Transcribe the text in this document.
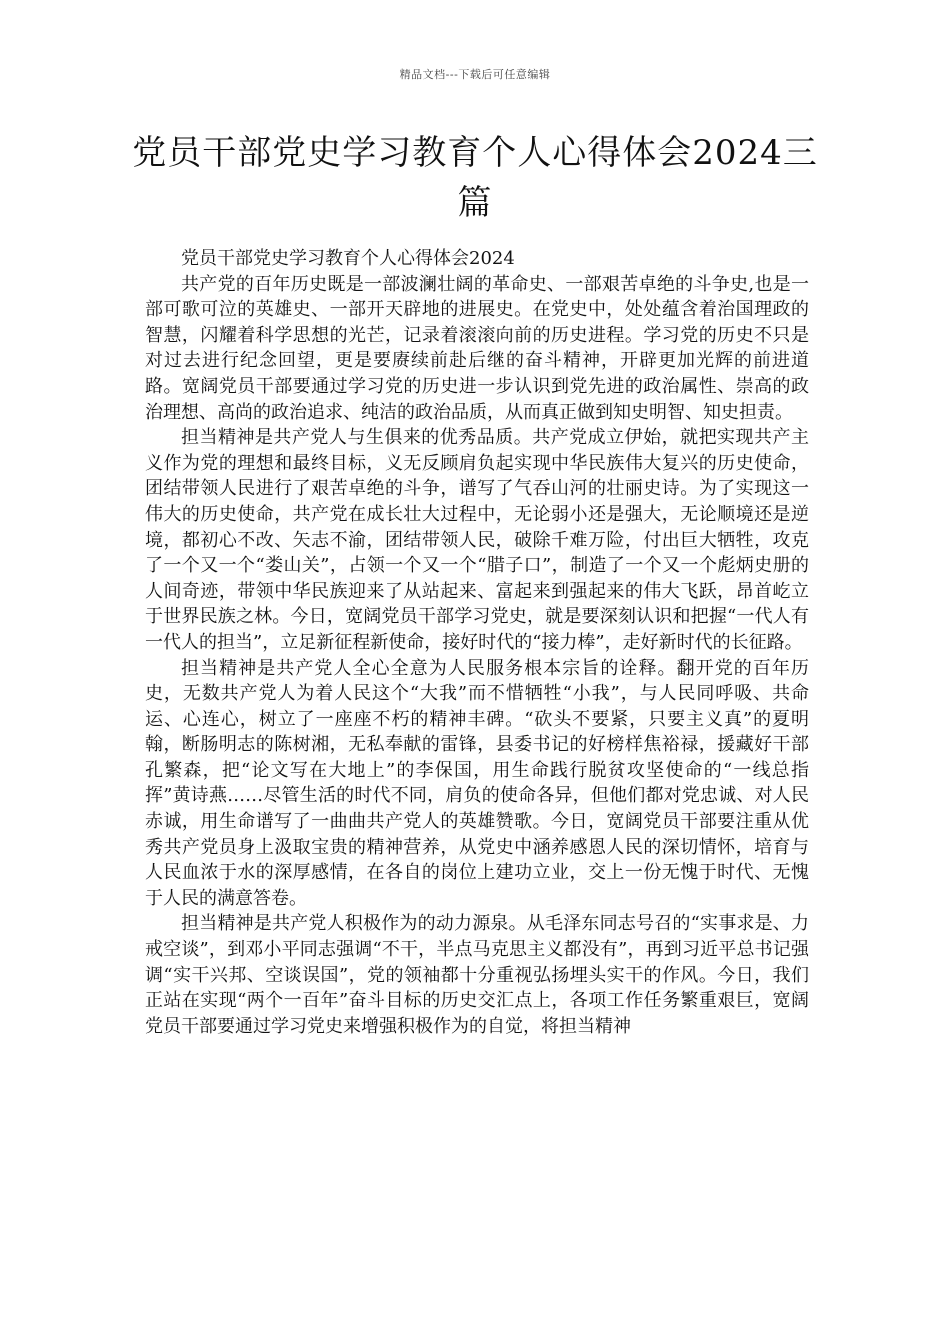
精品文档---下载后可任意编辑
党员干部党史学习教育个人心得体会2024三篇

党员干部党史学习教育个人心得体会2024

共产党的百年历史既是一部波澜壮阔的革命史、一部艰苦卓绝的斗争史,也是一部可歌可泣的英雄史、一部开天辟地的进展史。在党史中，处处蕴含着治国理政的智慧，闪耀着科学思想的光芒，记录着滚滚向前的历史进程。学习党的历史不只是对过去进行纪念回望，更是要赓续前赴后继的奋斗精神，开辟更加光辉的前进道路。宽阔党员干部要通过学习党的历史进一步认识到党先进的政治属性、崇高的政治理想、高尚的政治追求、纯洁的政治品质，从而真正做到知史明智、知史担责。

担当精神是共产党人与生俱来的优秀品质。共产党成立伊始，就把实现共产主义作为党的理想和最终目标，义无反顾肩负起实现中华民族伟大复兴的历史使命，团结带领人民进行了艰苦卓绝的斗争，谱写了气吞山河的壮丽史诗。为了实现这一伟大的历史使命，共产党在成长壮大过程中，无论弱小还是强大，无论顺境还是逆境，都初心不改、矢志不渝，团结带领人民，破除千难万险，付出巨大牺牲，攻克了一个又一个“娄山关”，占领一个又一个“腊子口”，制造了一个又一个彪炳史册的人间奇迹，带领中华民族迎来了从站起来、富起来到强起来的伟大飞跃，昂首屹立于世界民族之林。今日，宽阔党员干部学习党史，就是要深刻认识和把握“一代人有一代人的担当”，立足新征程新使命，接好时代的“接力棒”，走好新时代的长征路。

担当精神是共产党人全心全意为人民服务根本宗旨的诠释。翻开党的百年历史，无数共产党人为着人民这个“大我”而不惜牺牲“小我”，与人民同呼吸、共命运、心连心，树立了一座座不朽的精神丰碑。“砍头不要紧，只要主义真”的夏明翰，断肠明志的陈树湘，无私奉献的雷锋，县委书记的好榜样焦裕禄，援藏好干部孔繁森，把“论文写在大地上”的李保国，用生命践行脱贫攻坚使命的“一线总指挥”黄诗燕……尽管生活的时代不同，肩负的使命各异，但他们都对党忠诚、对人民赤诚，用生命谱写了一曲曲共产党人的英雄赞歌。今日，宽阔党员干部要注重从优秀共产党员身上汲取宝贵的精神营养，从党史中涵养感恩人民的深切情怀，培育与人民血浓于水的深厚感情，在各自的岗位上建功立业，交上一份无愧于时代、无愧于人民的满意答卷。

担当精神是共产党人积极作为的动力源泉。从毛泽东同志号召的“实事求是、力戒空谈”，到邓小平同志强调“不干，半点马克思主义都没有”，再到习近平总书记强调“实干兴邦、空谈误国”，党的领袖都十分重视弘扬埋头实干的作风。今日，我们正站在实现“两个一百年”奋斗目标的历史交汇点上，各项工作任务繁重艰巨，宽阔党员干部要通过学习党史来增强积极作为的自觉，将担当精神
